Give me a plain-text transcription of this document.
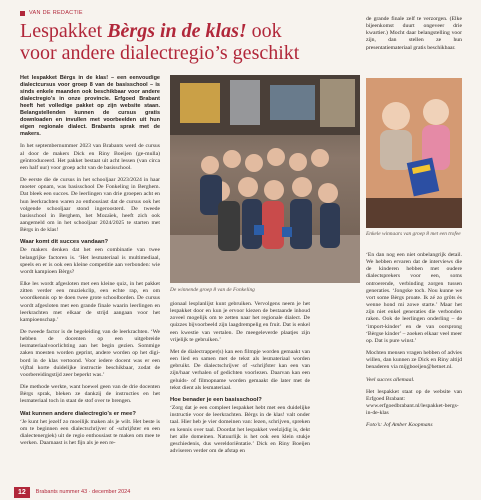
VAN DE REDACTIE
Lespakket Bèrgs in de klas! ook voor andere dialectregio’s geschikt

Het lespakket Bèrgs in de klas! – een eenvoudige dialectcursus voor groep 8 van de basisschool – is sinds enkele maanden ook beschikbaar voor andere dialectregio’s in onze provincie. Erfgoed Brabant heeft het volledige pakket op zijn website staan. Belangstellenden kunnen de cursus gratis downloaden en invullen met voorbeelden uit hun eigen regionale dialect. Brabants sprak met de makers.

In het septembernummer 2023 van Brabants werd de cursus al door de makers Dick en Riny Boeijen (ge-mulla) geïntroduceerd. Het pakket bestaat uit acht lessen (van circa een half uur) voor groep acht van de basisschool.

De eerste die de cursus in het schooljaar 2023/2024 in haar moeter opnam, was basisschool De Fonkeling in Berghem. Dat bleek een succes. De leerlingen van drie groepen acht en hun leerkrachten waren zo enthousiast dat de cursus ook het volgende schooljaar stond ingeroosterd. De tweede basisschool in Berghem, het Mozaïek, heeft zich ook aangemeld om in het schooljaar 2024/2025 te starten met Bèrgs in de klas!

Waar komt dit succes vandaan?

De makers denken dat het een combinatie van twee belangrijke factoren is. ‘Het lesmateriaal is multimediaal, speels en er is ook een kleine competitie aan verbonden: wie wordt kampioen Bèrgs?

Elke les wordt afgesloten met een kleine quiz, in het pakket zitten verder een muziekclip, een echte rap, en om woordkennis op te doen twee grote schoolborden. De cursus wordt afgesloten met een grande finale waarin leerlingen en leerkrachten met elkaar de strijd aangaan voor het kampioenschap.’

De tweede factor is de begeleiding van de leerkrachten. ‘We hebben de docenten op een uitgebreide lesmateriaalvoorlichting aan het begin gezien. Sommige zaken moesten worden geprint, andere worden op het digi-bord in de klas vertoond. Voor iedere docent was er een vijftal korte duidelijke instructie beschikbaar, zodat de voorbereidingstijd zeer beperkt was.’

Die methode werkte, want hoewel geen van de drie docenten Bèrgs sprak, bleken ze dankzij de instructies en het lesmateriaal toch in staat de stof over te brengen.

Wat kunnen andere dialectregio’s er mee?

‘Je kunt het jezelf zo moeilijk maken als je wilt. Het beste is om te beginnen een dialectschrijver of -schrijfster en een dialectenergiek) uit de regio enthousiast te maken om mee te werken. Daarnaast is het fijn als je een re-

De winnende groep 8 van de Fonkeling

gionaal lesplanlijst kunt gebruiken. Vervolgens neem je het lespakket door en kun je ervoor kiezen de bestaande inhoud zoveel mogelijk om te zetten naar het regionale dialect. De quizzes bijvoorbeeld zijn laagdrempelig en fruit. Dat is enkel een kwestie van vertalen. De meegeleverde plaatjes zijn vrijelijk te gebruiken.’

Met de dialectrapper(s) kan een filmpje worden gemaakt van een lied en samen met de tekst als lesmateriaal worden gebruikt. De dialectschrijver of -schrijfster kan een van zijn/haar verhalen of gedichten voorlezen. Daarvan kan een geluids- of filmopname worden gemaakt die later met de tekst dient als lesmateriaal.

Hoe benader je een basisschool?

‘Zorg dat je een compleet lespakket hebt met een duidelijke instructie voor de leerkrachten. Bèrgs in de klas! valt onder taal. Hier heb je vier domeinen van: lezen, schrijven, spreken en kennis over taal. Doordat het lespakket veelzijdig is, dekt het alle domeinen. Natuurlijk is het ook een klein stukje geschiedenis, dus wereldoriëntatie.’ Dick en Riny Boeijen adviseren verder om de afstap en

de grande finale zelf te verzorgen. (Elke bijeenkomst duurt ongeveer drie kwartier.) Mocht daar belangstelling voor zijn, dan stellen ze hun presentatiemateriaal gratis beschikbaar.
Enkele winnaars van groep 8 met een trofee

‘En dan nog een niet onbelangrijk detail. We hebben ervaren dat de interviews die de kinderen hebben met oudere dialectsprekers voor een, soms ontroerende, verbinding zorgen tussen generaties. ‘Jongske toch. Nou kunne we vort some Bèrgs proate. Ik zé zo grôts ès wenne hond mi zowe starte.’ Maar het zijn niet enkel generaties die verbonden raken. Ook de leerlingen onderling – de ‘import-kinder’ en de van oorsprong ‘Bèrgse kinder’ – zoeken elkaar veel meer op. Dat is pure winst.’

Mochten mensen vragen hebben of advies willen, dan kunnen ze Dick en Riny altijd benaderen via mijgboeijen@hetnet.nl.

Veel succes allemaal.

Het lespakket staat op de website van Erfgoed Brabant:

www.erfgoedbrabant.nl/lespakket-bergs-in-de-klas

Foto’s: Jof Amber Koopmans

12	Brabants nummer 43 · december 2024
